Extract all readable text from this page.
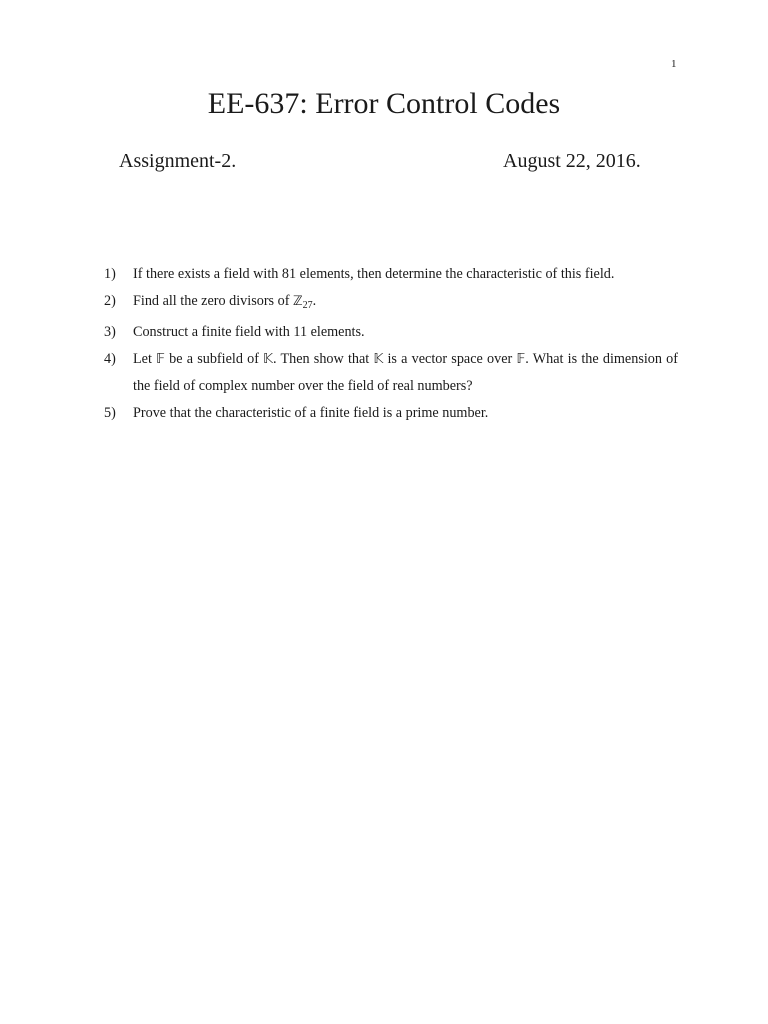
1
EE-637: Error Control Codes
Assignment-2.	August 22, 2016.
1)	If there exists a field with 81 elements, then determine the characteristic of this field.
2)	Find all the zero divisors of ℤ$_{27}$.
3)	Construct a finite field with 11 elements.
4)	Let 𝔽 be a subfield of 𝕂. Then show that 𝕂 is a vector space over 𝔽. What is the dimension of the field of complex number over the field of real numbers?
5)	Prove that the characteristic of a finite field is a prime number.
